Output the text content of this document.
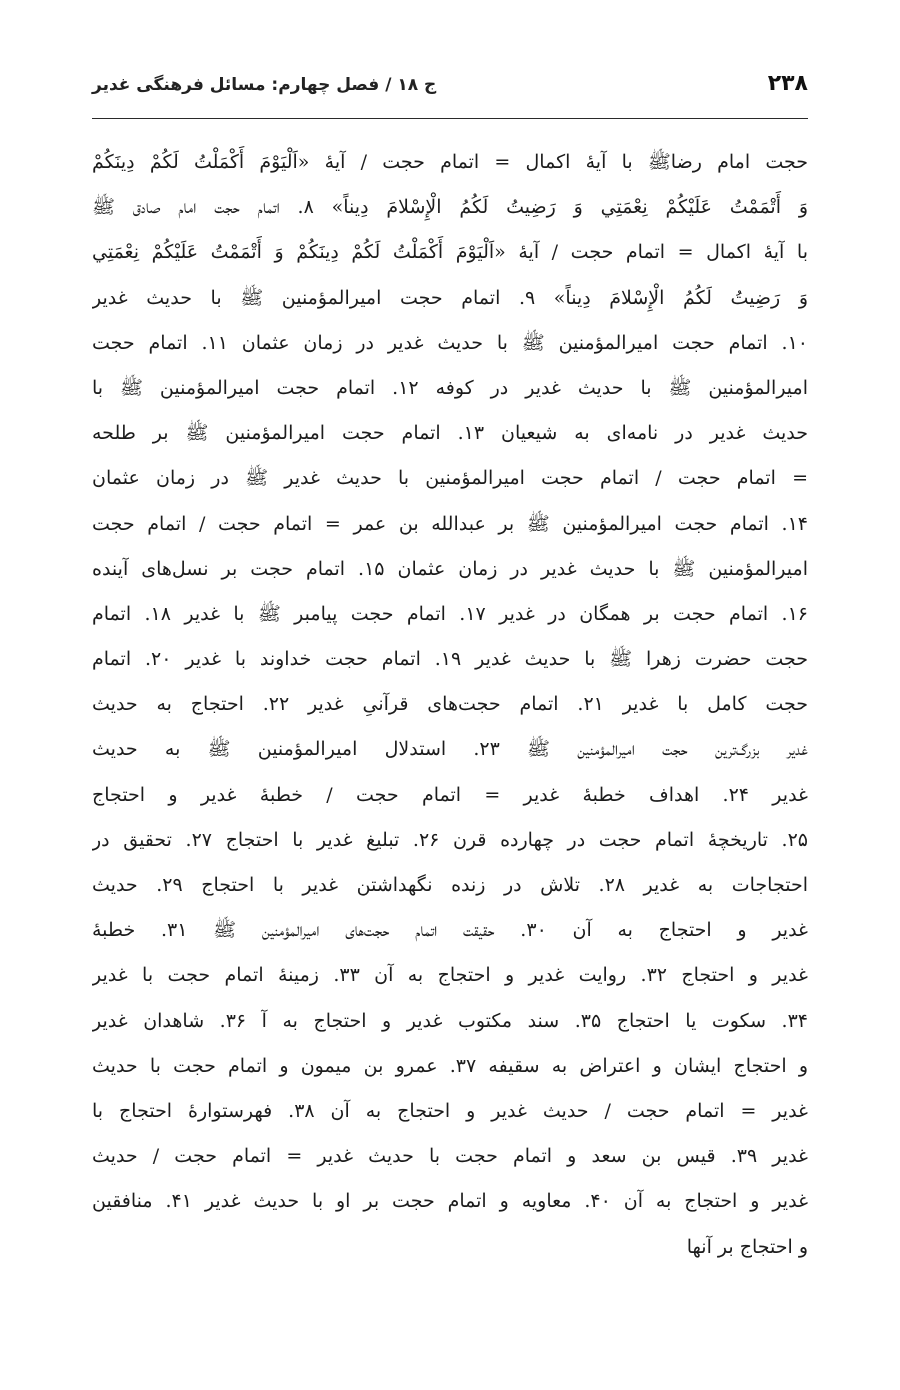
۲۳۸
ج ۱۸ / فصل چهارم: مسائل فرهنگی غدیر
حجت امام رضا⁧ﷺ⁩ با آیهٔ اکمال = اتمام حجت / آیهٔ «اَلْيَوْمَ أَكْمَلْتُ لَكُمْ دِينَكُمْ
وَ أَتْمَمْتُ عَلَيْكُمْ نِعْمَتِي وَ رَضِيتُ لَكُمُ الْإِسْلامَ دِيناً» ۸. اتمام حجت امام صادق ﷺ
با آیهٔ اکمال = اتمام حجت / آیهٔ «اَلْيَوْمَ أَكْمَلْتُ لَكُمْ دِينَكُمْ وَ أَتْمَمْتُ عَلَيْكُمْ نِعْمَتِي
وَ رَضِيتُ لَكُمُ الْإِسْلامَ دِيناً» ۹. اتمام حجت امیرالمؤمنین ﷺ با حدیث غدیر
۱۰. اتمام حجت امیرالمؤمنین ﷺ با حدیث غدیر در زمان عثمان ۱۱. اتمام حجت
امیرالمؤمنین ﷺ با حدیث غدیر در کوفه ۱۲. اتمام حجت امیرالمؤمنین ﷺ با
حدیث غدیر در نامه‌ای به شیعیان ۱۳. اتمام حجت امیرالمؤمنین ﷺ بر طلحه
= اتمام حجت / اتمام حجت امیرالمؤمنین با حدیث غدیر ﷺ در زمان عثمان
۱۴. اتمام حجت امیرالمؤمنین ﷺ بر عبدالله بن عمر = اتمام حجت / اتمام حجت
امیرالمؤمنین ﷺ با حدیث غدیر در زمان عثمان ۱۵. اتمام حجت بر نسل‌های آینده
۱۶. اتمام حجت بر همگان در غدیر ۱۷. اتمام حجت پیامبر ﷺ با غدیر ۱۸. اتمام
حجت حضرت زهرا ﷺ با حدیث غدیر ۱۹. اتمام حجت خداوند با غدیر ۲۰. اتمام
حجت کامل با غدیر ۲۱. اتمام حجت‌های قرآنیِ غدیر ۲۲. احتجاج به حدیث
غدیر بزرگ‌ترین حجت امیرالمؤمنین ﷺ ۲۳. استدلال امیرالمؤمنین ﷺ به حدیث
غدیر ۲۴. اهداف خطبهٔ غدیر = اتمام حجت / خطبهٔ غدیر و احتجاج
۲۵. تاریخچهٔ اتمام حجت در چهارده قرن ۲۶. تبلیغ غدیر با احتجاج ۲۷. تحقیق در
احتجاجات به غدیر ۲۸. تلاش در زنده نگهداشتن غدیر با احتجاج ۲۹. حدیث
غدیر و احتجاج به آن ۳۰. حقیقت اتمام حجت‌های امیرالمؤمنین ﷺ ۳۱. خطبهٔ
غدیر و احتجاج ۳۲. روایت غدیر و احتجاج به آن ۳۳. زمینهٔ اتمام حجت با غدیر
۳۴. سکوت یا احتجاج ۳۵. سند مکتوب غدیر و احتجاج به آ ۳۶. شاهدان غدیر
و احتجاج ایشان و اعتراض به سقیفه ۳۷. عمرو بن میمون و اتمام حجت با حدیث
غدیر = اتمام حجت / حدیث غدیر و احتجاج به آن ۳۸. فهرستوارهٔ احتجاج با
غدیر ۳۹. قیس بن سعد و اتمام حجت با حدیث غدیر = اتمام حجت / حدیث
غدیر و احتجاج به آن ۴۰. معاویه و اتمام حجت بر او با حدیث غدیر ۴۱. منافقین
و احتجاج بر آنها
